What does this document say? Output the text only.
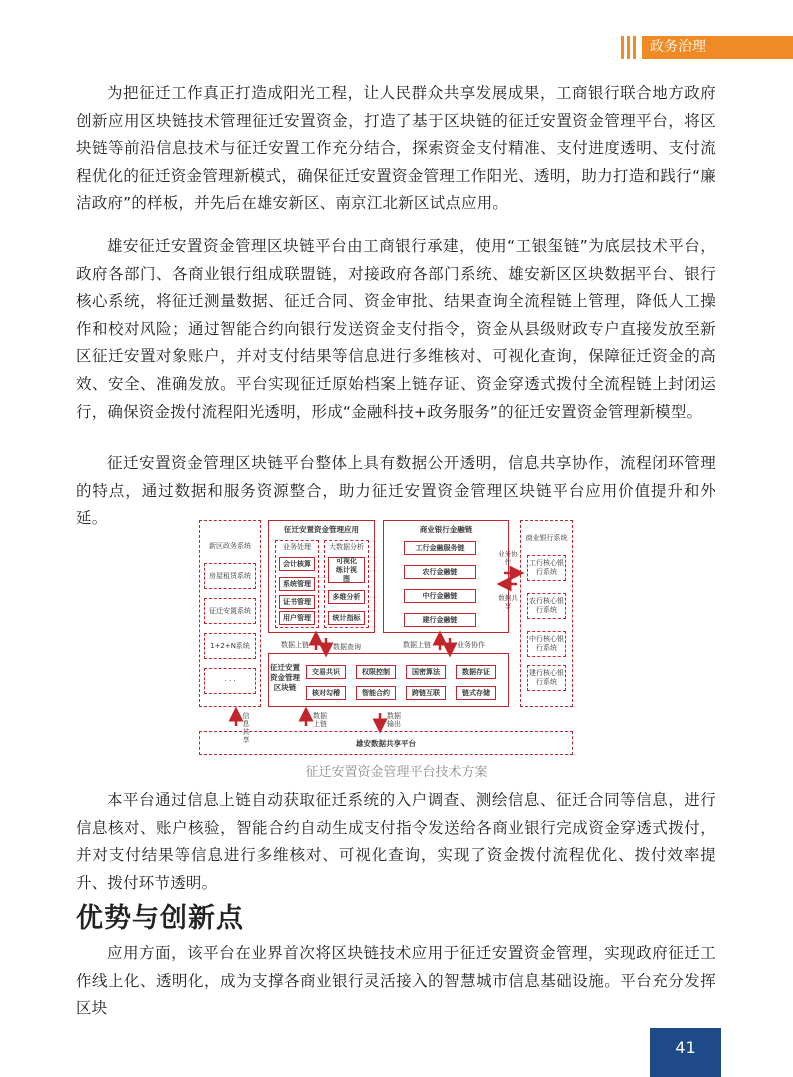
政务治理

为把征迁工作真正打造成阳光工程，让人民群众共享发展成果，工商银行联合地方政府创新应用区块链技术管理征迁安置资金，打造了基于区块链的征迁安置资金管理平台，将区块链等前沿信息技术与征迁安置工作充分结合，探索资金支付精准、支付进度透明、支付流程优化的征迁资金管理新模式，确保征迁安置资金管理工作阳光、透明，助力打造和践行“廉洁政府”的样板，并先后在雄安新区、南京江北新区试点应用。

雄安征迁安置资金管理区块链平台由工商银行承建，使用“工银玺链”为底层技术平台，政府各部门、各商业银行组成联盟链，对接政府各部门系统、雄安新区区块数据平台、银行核心系统，将征迁测量数据、征迁合同、资金审批、结果查询全流程链上管理，降低人工操作和校对风险；通过智能合约向银行发送资金支付指令，资金从县级财政专户直接发放至新区征迁安置对象账户，并对支付结果等信息进行多维核对、可视化查询，保障征迁资金的高效、安全、准确发放。平台实现征迁原始档案上链存证、资金穿透式拨付全流程链上封闭运行，确保资金拨付流程阳光透明，形成“金融科技+政务服务”的征迁安置资金管理新模型。

征迁安置资金管理区块链平台整体上具有数据公开透明，信息共享协作，流程闭环管理的特点，通过数据和服务资源整合，助力征迁安置资金管理区块链平台应用价值提升和外延。

新区政务系统
房屋租赁系统
征迁安置系统
1+2+N系统
· · ·
征迁安置资金管理应用
业务处理
会计核算
系统管理
证书管理
用户管理
大数据分析
可视化练计视图
多维分析
统计指标
商业银行金融链
工行金融服务链
农行金融链
中行金融链
建行金融链
商业银行系统
工行核心银行系统
农行核心银行系统
中行核心银行系统
建行核心银行系统
业务协作
数据共享
数据上链	数据查询	数据上链	业务协作
征迁安置资金管理区块链
交易共识	权限控制	国密算法	数据存证
核对勾稽	智能合约	跨链互联	链式存储
信息共享
数据上链
数据输出
雄安数据共享平台
征迁安置资金管理平台技术方案

本平台通过信息上链自动获取征迁系统的入户调查、测绘信息、征迁合同等信息，进行信息核对、账户核验，智能合约自动生成支付指令发送给各商业银行完成资金穿透式拨付，并对支付结果等信息进行多维核对、可视化查询，实现了资金拨付流程优化、拨付效率提升、拨付环节透明。

优势与创新点

应用方面，该平台在业界首次将区块链技术应用于征迁安置资金管理，实现政府征迁工作线上化、透明化，成为支撑各商业银行灵活接入的智慧城市信息基础设施。平台充分发挥区块

41
